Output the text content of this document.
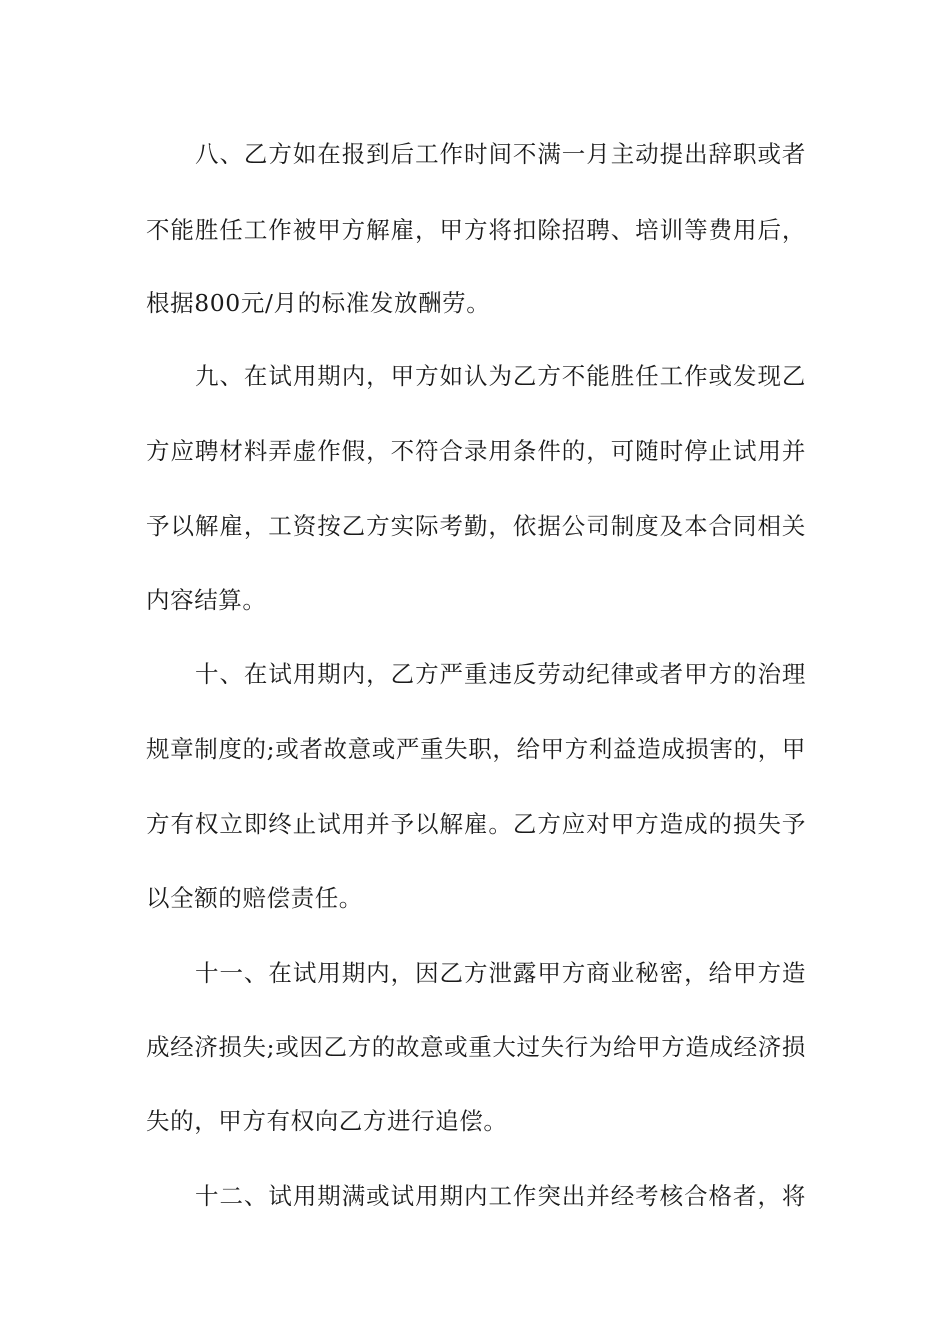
八、乙方如在报到后工作时间不满一月主动提出辞职或者
不能胜任工作被甲方解雇，甲方将扣除招聘、培训等费用后，
根据800元/月的标准发放酬劳。
九、在试用期内，甲方如认为乙方不能胜任工作或发现乙
方应聘材料弄虚作假，不符合录用条件的，可随时停止试用并
予以解雇，工资按乙方实际考勤，依据公司制度及本合同相关
内容结算。
十、在试用期内，乙方严重违反劳动纪律或者甲方的治理
规章制度的;或者故意或严重失职，给甲方利益造成损害的，甲
方有权立即终止试用并予以解雇。乙方应对甲方造成的损失予
以全额的赔偿责任。
十一、在试用期内，因乙方泄露甲方商业秘密，给甲方造
成经济损失;或因乙方的故意或重大过失行为给甲方造成经济损
失的，甲方有权向乙方进行追偿。
十二、试用期满或试用期内工作突出并经考核合格者，将
